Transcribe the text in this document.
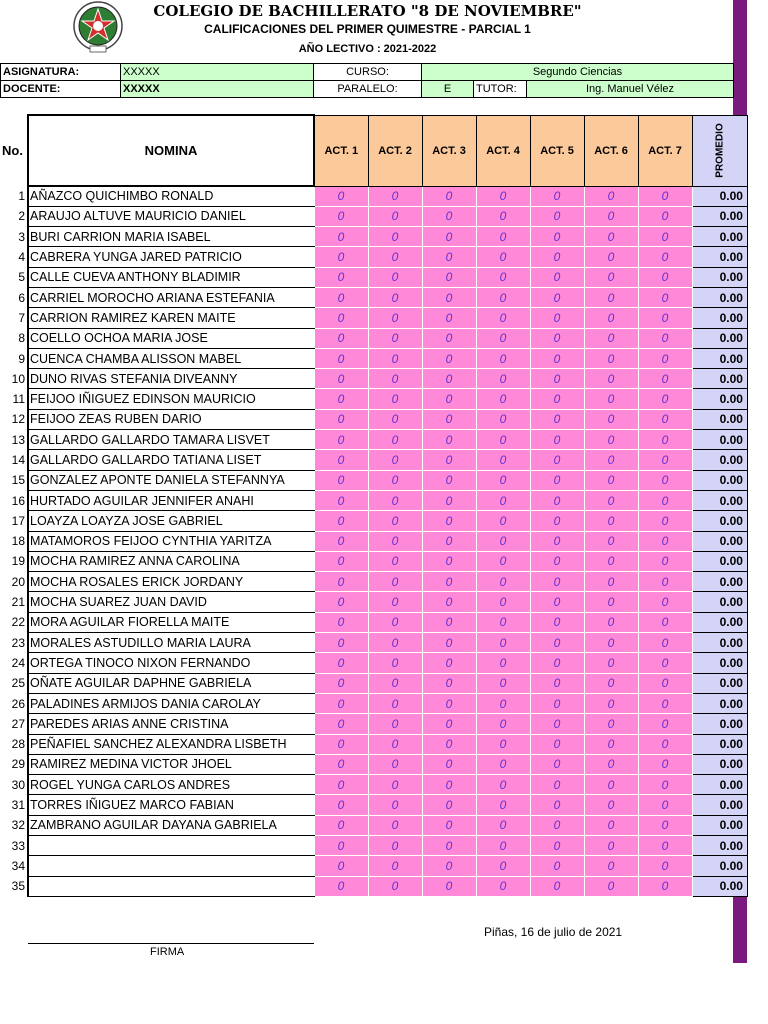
COLEGIO DE BACHILLERATO "8 DE NOVIEMBRE"
CALIFICACIONES DEL PRIMER QUIMESTRE - PARCIAL 1
AÑO LECTIVO : 2021-2022
ASIGNATURA:	XXXXX	CURSO:	Segundo Ciencias		
DOCENTE:	XXXXX	PARALELO:	E	TUTOR:	Ing. Manuel Vélez
No.	NOMINA	ACT. 1	ACT. 2	ACT. 3	ACT. 4	ACT. 5	ACT. 6	ACT. 7	PROMEDIO
1	AÑAZCO QUICHIMBO RONALD	0	0	0	0	0	0	0	0.00
2	ARAUJO ALTUVE MAURICIO DANIEL	0	0	0	0	0	0	0	0.00
3	BURI CARRION MARIA ISABEL	0	0	0	0	0	0	0	0.00
4	CABRERA YUNGA JARED PATRICIO	0	0	0	0	0	0	0	0.00
5	CALLE CUEVA ANTHONY BLADIMIR	0	0	0	0	0	0	0	0.00
6	CARRIEL MOROCHO ARIANA ESTEFANIA	0	0	0	0	0	0	0	0.00
7	CARRION RAMIREZ KAREN MAITE	0	0	0	0	0	0	0	0.00
8	COELLO OCHOA MARIA JOSE	0	0	0	0	0	0	0	0.00
9	CUENCA CHAMBA ALISSON MABEL	0	0	0	0	0	0	0	0.00
10	DUNO RIVAS STEFANIA DIVEANNY	0	0	0	0	0	0	0	0.00
11	FEIJOO IÑIGUEZ EDINSON MAURICIO	0	0	0	0	0	0	0	0.00
12	FEIJOO ZEAS RUBEN DARIO	0	0	0	0	0	0	0	0.00
13	GALLARDO GALLARDO TAMARA LISVET	0	0	0	0	0	0	0	0.00
14	GALLARDO GALLARDO TATIANA LISET	0	0	0	0	0	0	0	0.00
15	GONZALEZ APONTE DANIELA STEFANNYA	0	0	0	0	0	0	0	0.00
16	HURTADO AGUILAR JENNIFER ANAHI	0	0	0	0	0	0	0	0.00
17	LOAYZA LOAYZA JOSE GABRIEL	0	0	0	0	0	0	0	0.00
18	MATAMOROS FEIJOO CYNTHIA YARITZA	0	0	0	0	0	0	0	0.00
19	MOCHA RAMIREZ ANNA CAROLINA	0	0	0	0	0	0	0	0.00
20	MOCHA ROSALES ERICK JORDANY	0	0	0	0	0	0	0	0.00
21	MOCHA SUAREZ JUAN DAVID	0	0	0	0	0	0	0	0.00
22	MORA AGUILAR FIORELLA MAITE	0	0	0	0	0	0	0	0.00
23	MORALES ASTUDILLO MARIA LAURA	0	0	0	0	0	0	0	0.00
24	ORTEGA TINOCO NIXON FERNANDO	0	0	0	0	0	0	0	0.00
25	OÑATE AGUILAR DAPHNE GABRIELA	0	0	0	0	0	0	0	0.00
26	PALADINES ARMIJOS DANIA CAROLAY	0	0	0	0	0	0	0	0.00
27	PAREDES ARIAS ANNE CRISTINA	0	0	0	0	0	0	0	0.00
28	PEÑAFIEL SANCHEZ ALEXANDRA LISBETH	0	0	0	0	0	0	0	0.00
29	RAMIREZ MEDINA VICTOR JHOEL	0	0	0	0	0	0	0	0.00
30	ROGEL YUNGA CARLOS ANDRES	0	0	0	0	0	0	0	0.00
31	TORRES IÑIGUEZ MARCO FABIAN	0	0	0	0	0	0	0	0.00
32	ZAMBRANO AGUILAR DAYANA GABRIELA	0	0	0	0	0	0	0	0.00
33		0	0	0	0	0	0	0	0.00
34		0	0	0	0	0	0	0	0.00
35		0	0	0	0	0	0	0	0.00
Piñas, 16 de julio de 2021
FIRMA
